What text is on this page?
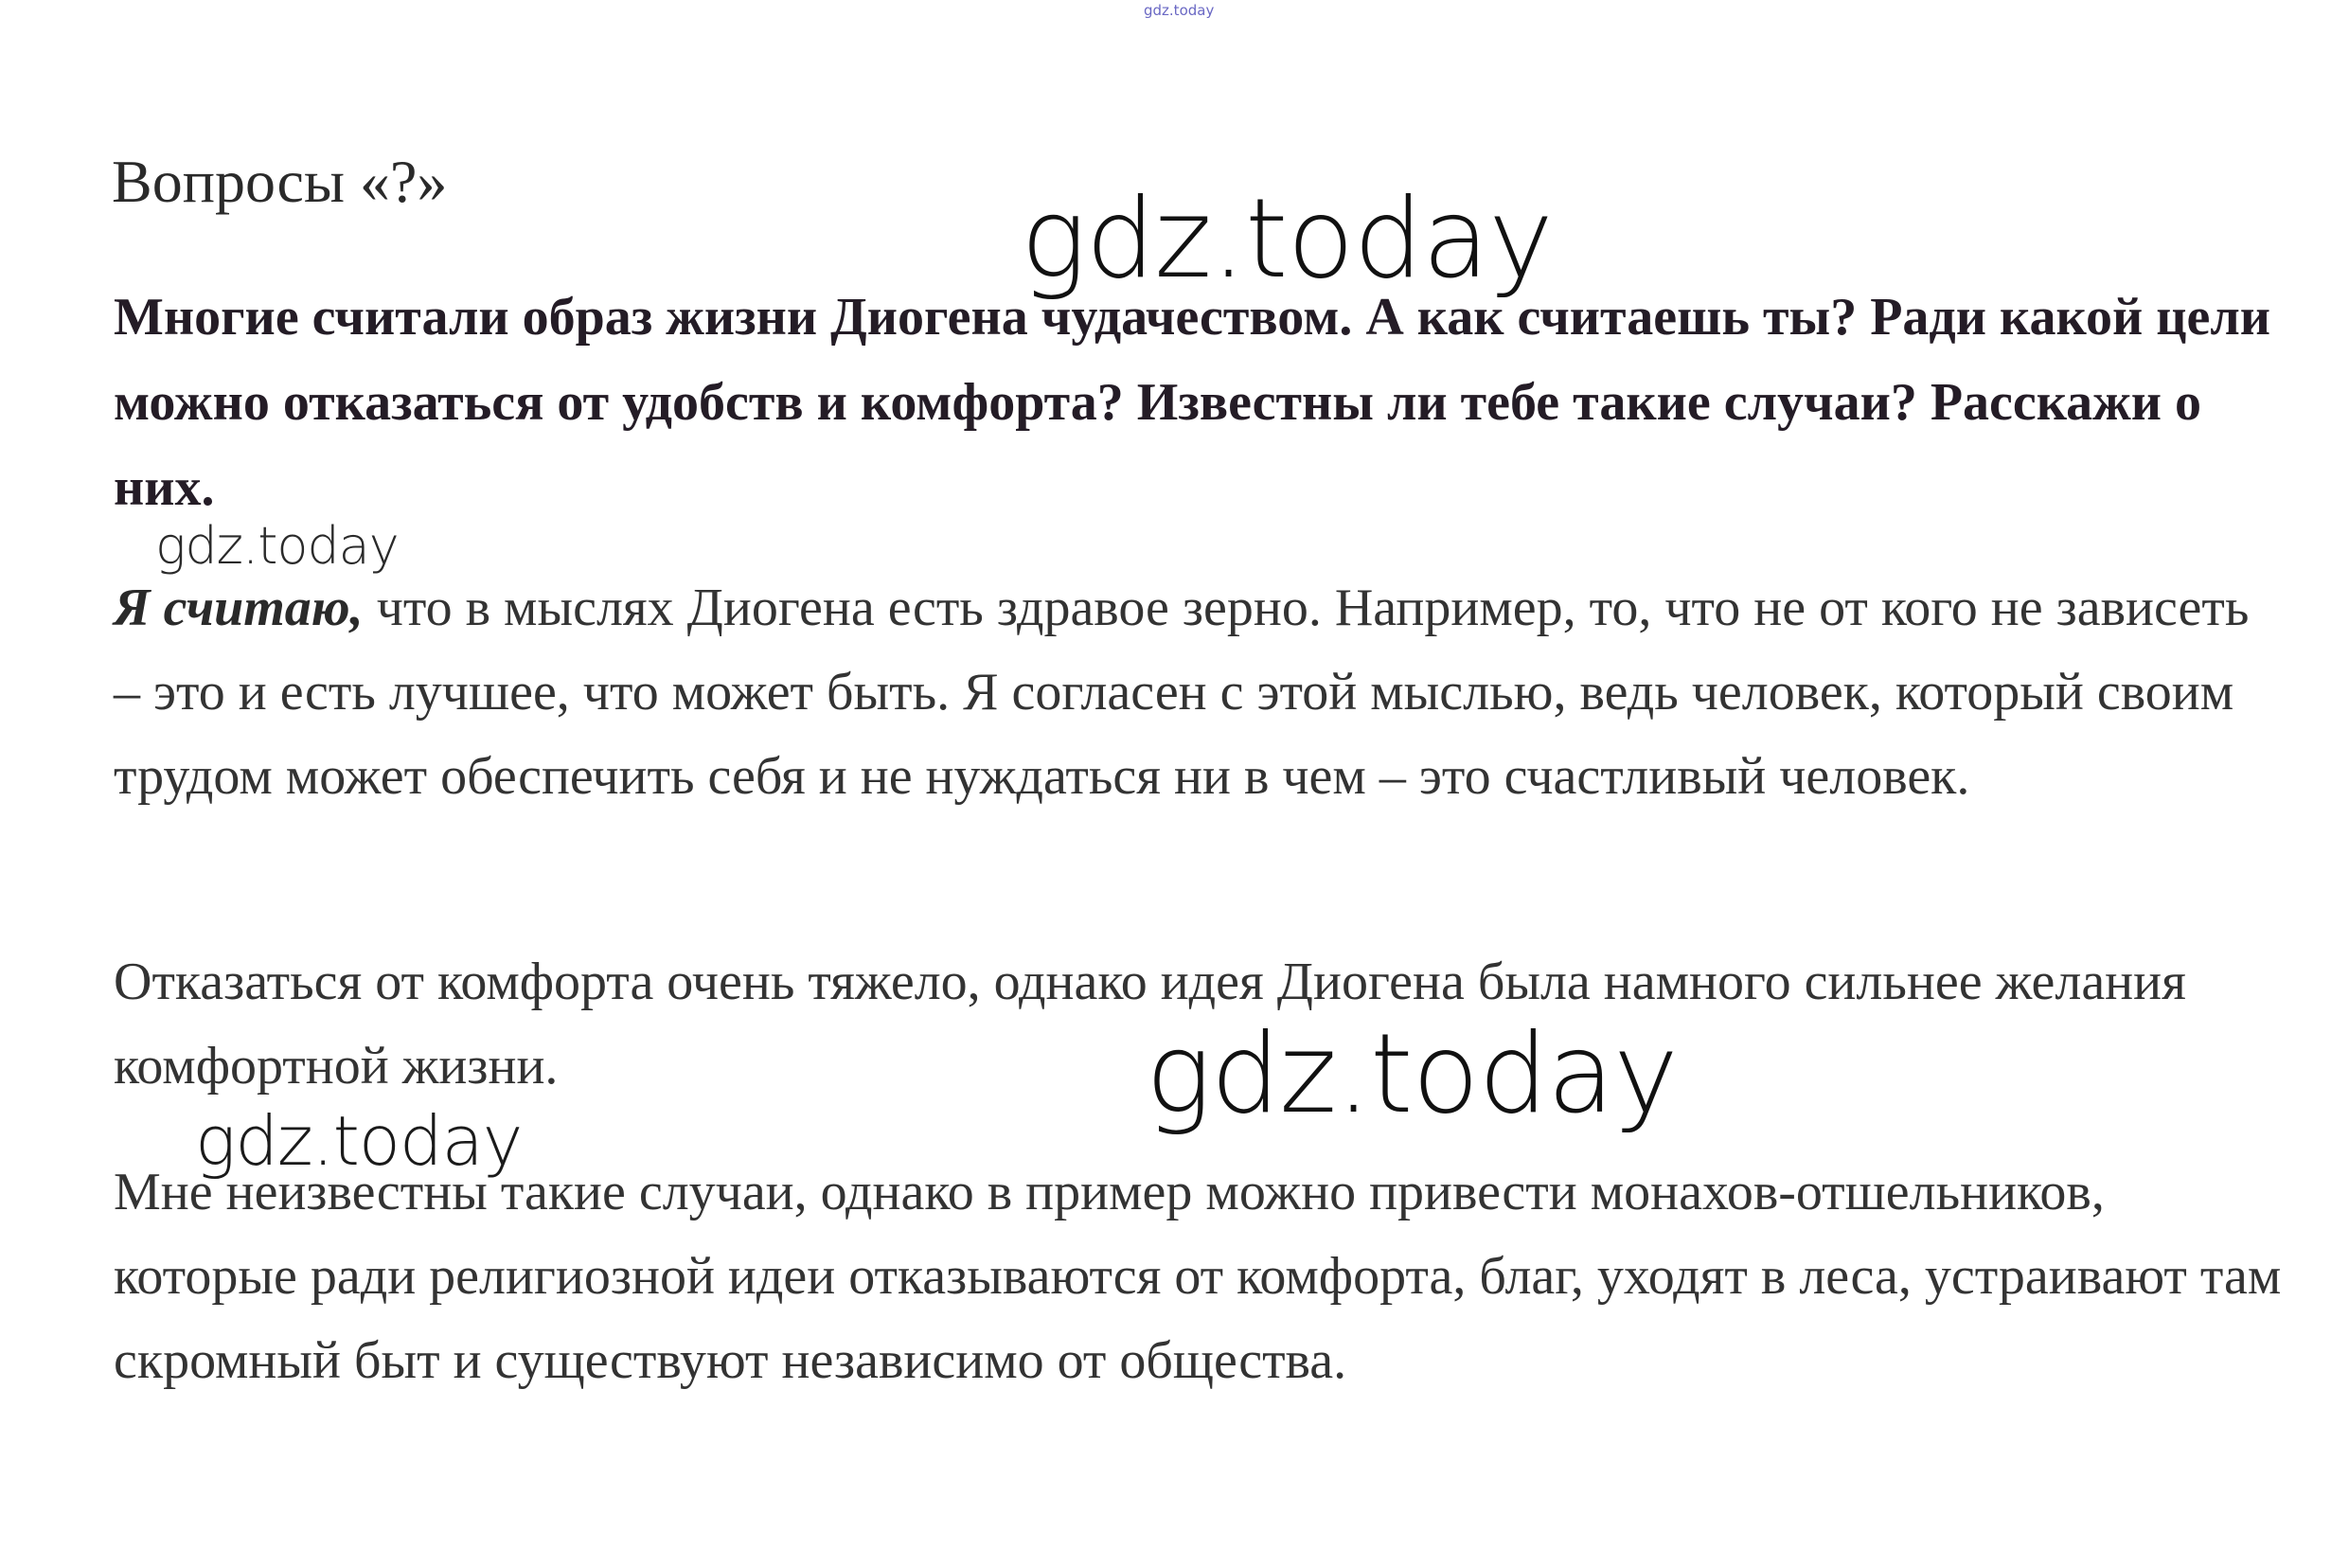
gdz.today
Вопросы «?»

Многие считали образ жизни Диогена чудачеством. А как считаешь ты? Ради какой цели можно отказаться от удобств и комфорта? Известны ли тебе такие случаи? Расскажи о них.

Я считаю, что в мыслях Диогена есть здравое зерно. Например, то, что не от кого не зависеть – это и есть лучшее, что может быть. Я согласен с этой мыслью, ведь человек, который своим трудом может обеспечить себя и не нуждаться ни в чем – это счастливый человек.

Отказаться от комфорта очень тяжело, однако идея Диогена была намного сильнее желания комфортной жизни.

Мне неизвестны такие случаи, однако в пример можно привести монахов-отшельников, которые ради религиозной идеи отказываются от комфорта, благ, уходят в леса, устраивают там скромный быт и существуют независимо от общества.

gdz.today
gdz.today
gdz.today
gdz.today
